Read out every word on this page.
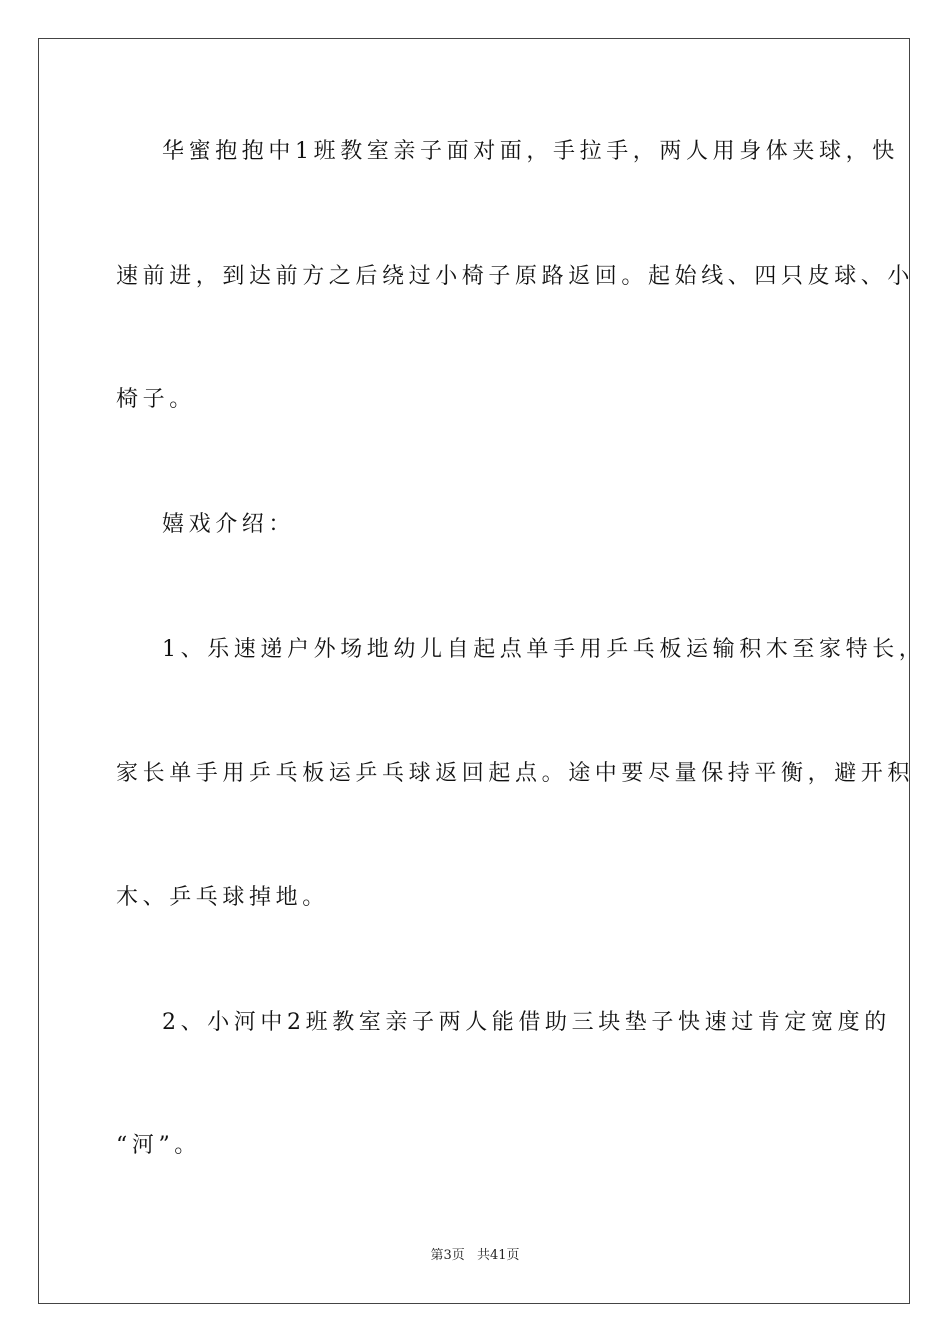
华蜜抱抱中1班教室亲子面对面，手拉手，两人用身体夹球，快
速前进，到达前方之后绕过小椅子原路返回。起始线、四只皮球、小
椅子。
嬉戏介绍：
1、乐速递户外场地幼儿自起点单手用乒乓板运输积木至家特长，
家长单手用乒乓板运乒乓球返回起点。途中要尽量保持平衡，避开积
木、乒乓球掉地。
2、小河中2班教室亲子两人能借助三块垫子快速过肯定宽度的
“河”。
第3页 共41页
